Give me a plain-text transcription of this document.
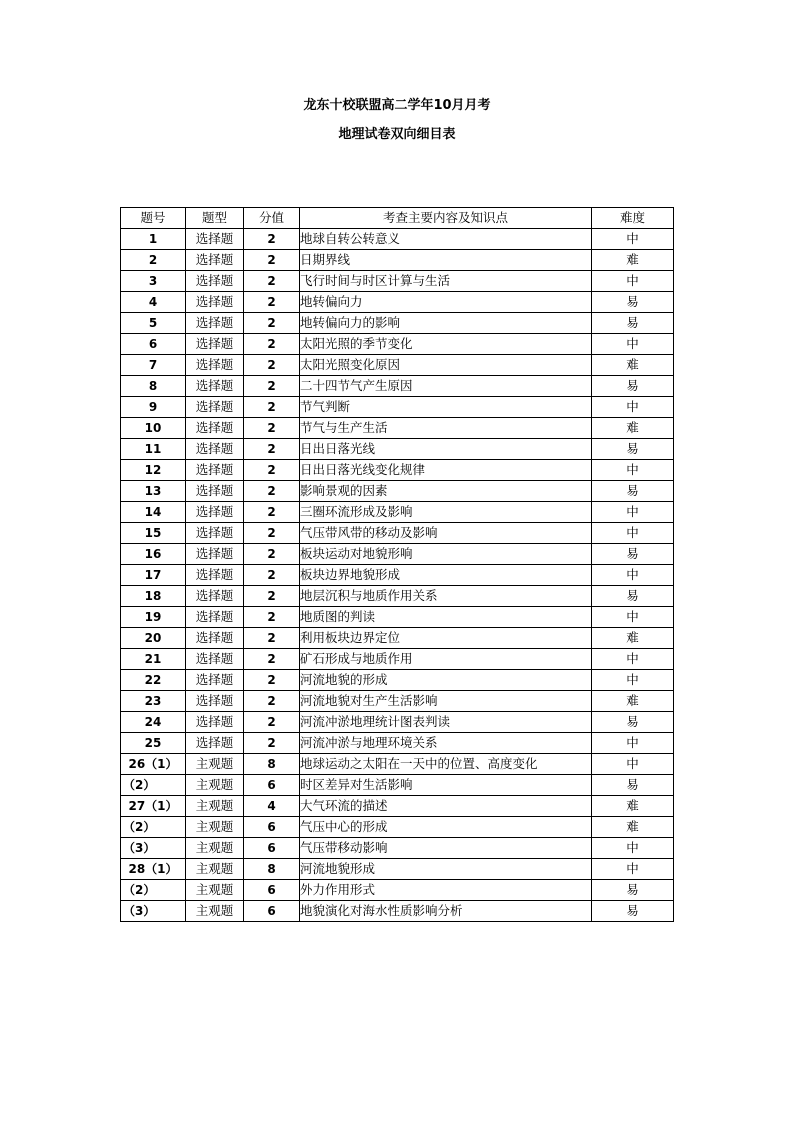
龙东十校联盟高二学年10月月考
地理试卷双向细目表
题号	题型	分值	考查主要内容及知识点	难度
1	选择题	2	地球自转公转意义	中
2	选择题	2	日期界线	难
3	选择题	2	飞行时间与时区计算与生活	中
4	选择题	2	地转偏向力	易
5	选择题	2	地转偏向力的影响	易
6	选择题	2	太阳光照的季节变化	中
7	选择题	2	太阳光照变化原因	难
8	选择题	2	二十四节气产生原因	易
9	选择题	2	节气判断	中
10	选择题	2	节气与生产生活	难
11	选择题	2	日出日落光线	易
12	选择题	2	日出日落光线变化规律	中
13	选择题	2	影响景观的因素	易
14	选择题	2	三圈环流形成及影响	中
15	选择题	2	气压带风带的移动及影响	中
16	选择题	2	板块运动对地貌形响	易
17	选择题	2	板块边界地貌形成	中
18	选择题	2	地层沉积与地质作用关系	易
19	选择题	2	地质图的判读	中
20	选择题	2	利用板块边界定位	难
21	选择题	2	矿石形成与地质作用	中
22	选择题	2	河流地貌的形成	中
23	选择题	2	河流地貌对生产生活影响	难
24	选择题	2	河流冲淤地理统计图表判读	易
25	选择题	2	河流冲淤与地理环境关系	中
26（1）	主观题	8	地球运动之太阳在一天中的位置、高度变化	中
（2）	主观题	6	时区差异对生活影响	易
27（1）	主观题	4	大气环流的描述	难
（2）	主观题	6	气压中心的形成	难
（3）	主观题	6	气压带移动影响	中
28（1）	主观题	8	河流地貌形成	中
（2）	主观题	6	外力作用形式	易
（3）	主观题	6	地貌演化对海水性质影响分析	易
